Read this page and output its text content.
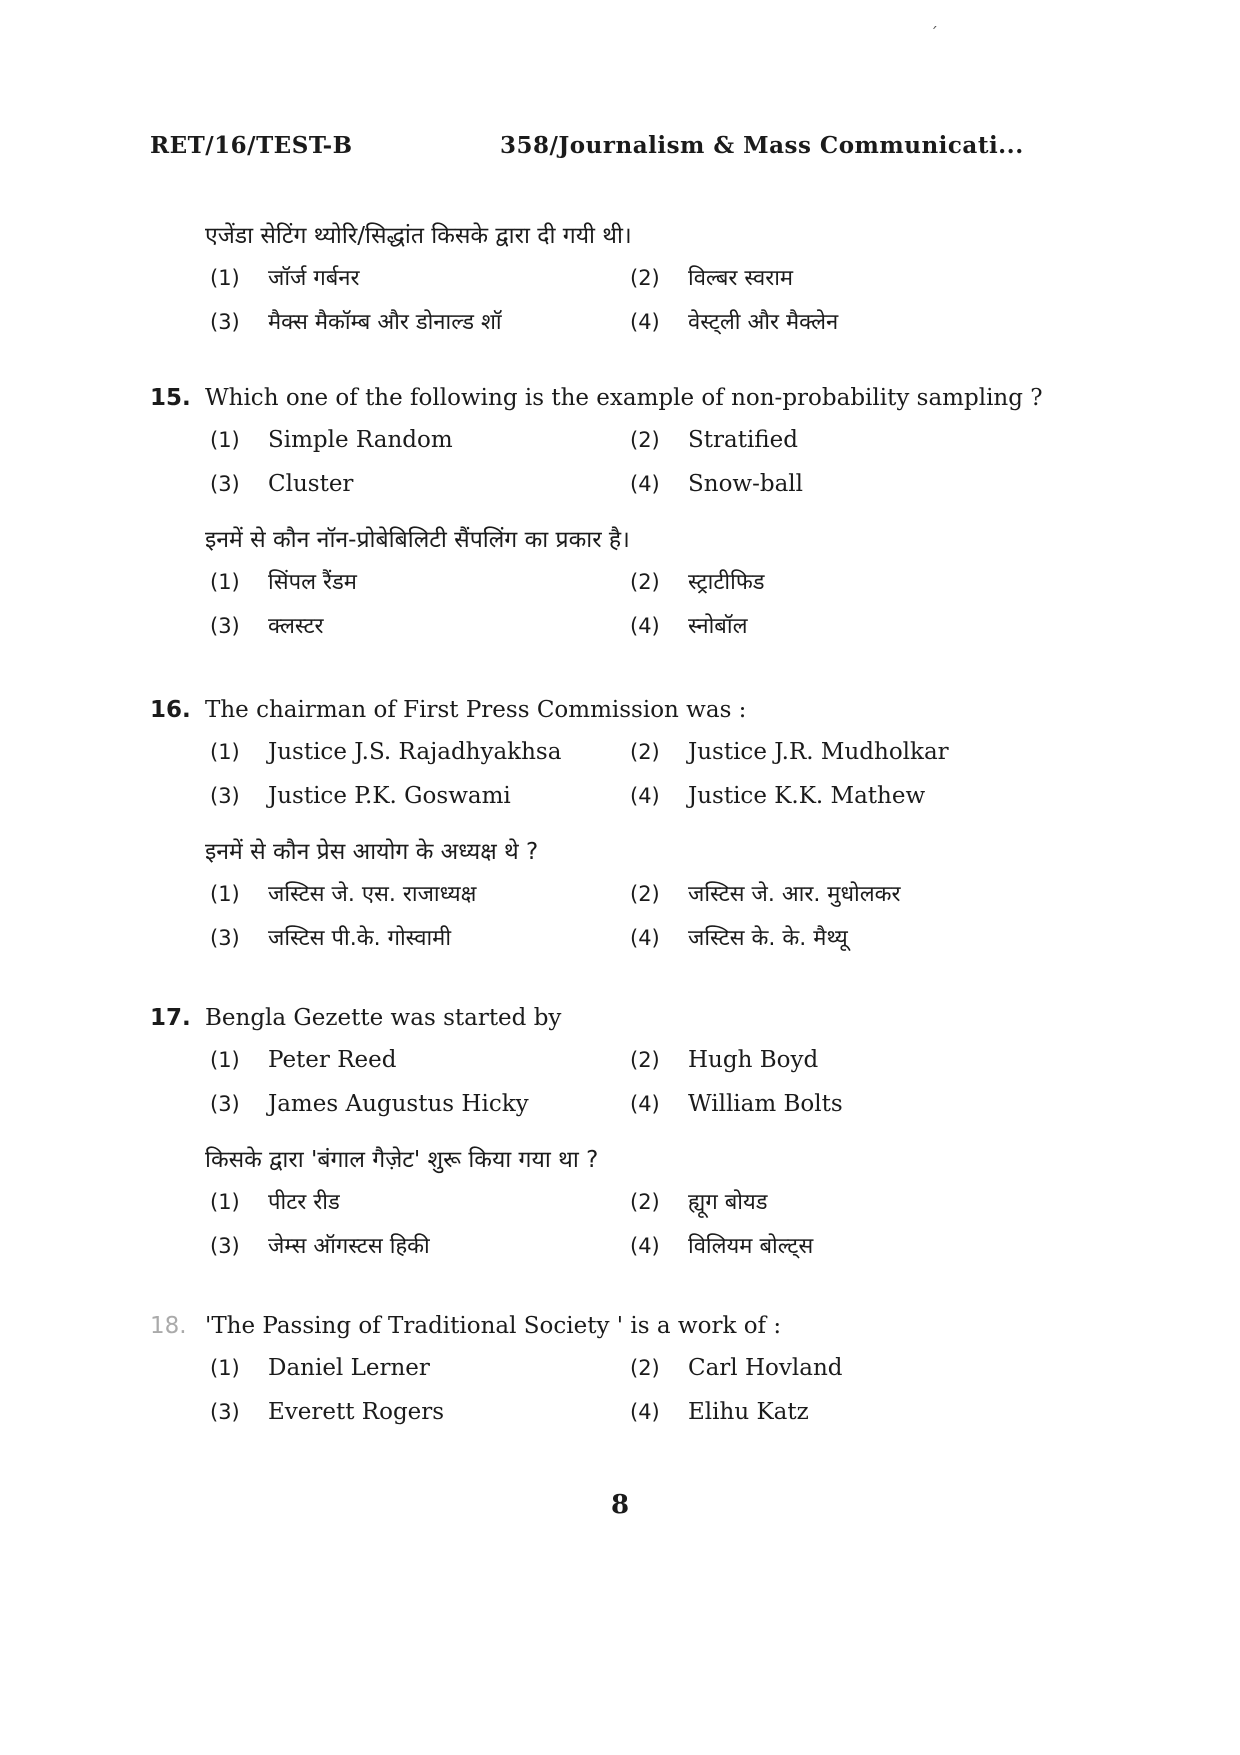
´
RET/16/TEST-B	358/Journalism & Mass Communicati...
एजेंडा सेटिंग थ्योरि/सिद्धांत किसके द्वारा दी गयी थी।
(1) जॉर्ज गर्बनर	(2) विल्बर स्वराम
(3) मैक्स मैकॉम्ब और डोनाल्ड शॉ	(4) वेस्ट्ली और मैक्लेन
15. Which one of the following is the example of non-probability sampling ?
(1) Simple Random	(2) Stratified
(3) Cluster	(4) Snow-ball
इनमें से कौन नॉन-प्रोबेबिलिटी सैंपलिंग का प्रकार है।
(1) सिंपल रैंडम	(2) स्ट्राटीफिड
(3) क्लस्टर	(4) स्नोबॉल
16. The chairman of First Press Commission was :
(1) Justice J.S. Rajadhyakhsa	(2) Justice J.R. Mudholkar
(3) Justice P.K. Goswami	(4) Justice K.K. Mathew
इनमें से कौन प्रेस आयोग के अध्यक्ष थे ?
(1) जस्टिस जे. एस. राजाध्यक्ष	(2) जस्टिस जे. आर. मुधोलकर
(3) जस्टिस पी.के. गोस्वामी	(4) जस्टिस के. के. मैथ्यू
17. Bengla Gezette was started by
(1) Peter Reed	(2) Hugh Boyd
(3) James Augustus Hicky	(4) William Bolts
किसके द्वारा 'बंगाल गैज़ेट' शुरू किया गया था ?
(1) पीटर रीड	(2) ह्यूग बोयड
(3) जेम्स ऑगस्टस हिकी	(4) विलियम बोल्ट्स
18. 'The Passing of Traditional Society ' is a work of :
(1) Daniel Lerner	(2) Carl Hovland
(3) Everett Rogers	(4) Elihu Katz
8
